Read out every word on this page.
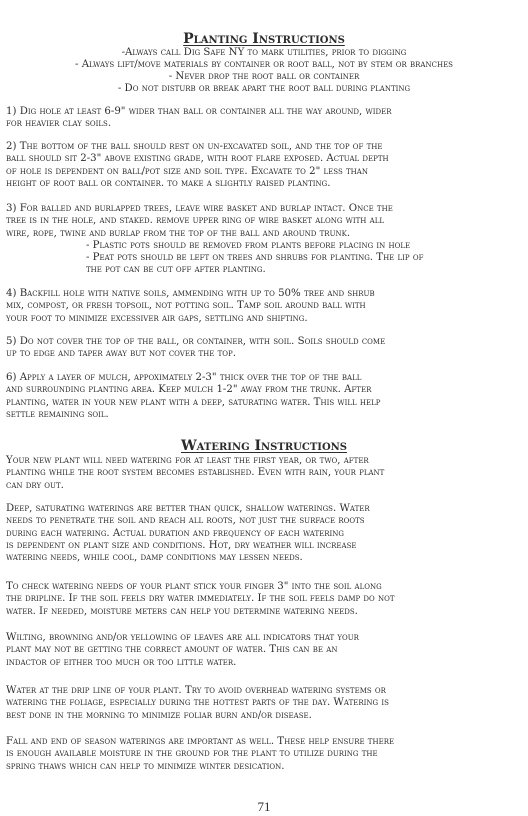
Planting Instructions
-Always call Dig Safe NY to mark utilities, prior to digging
- Always lift/move materials by container or root ball, not by stem or branches
- Never drop the root ball or container
- Do not disturb or break apart the root ball during planting
1) Dig hole at least 6-9" wider than ball or container all the way around, wider
for heavier clay soils.
2) The bottom of the ball should rest on un-excavated soil, and the top of the
ball should sit 2-3" above existing grade, with root flare exposed. Actual depth
of hole is dependent on ball/pot size and soil type. Excavate to 2" less than
height of root ball or container. to make a slightly raised planting.
3) For balled and burlapped trees, leave wire basket and burlap intact. Once the
tree is in the hole, and staked. remove upper ring of wire basket along with all
wire, rope, twine and burlap from the top of the ball and around trunk.
- Plastic pots should be removed from plants before placing in hole
- Peat pots should be left on trees and shrubs for planting. The lip of
the pot can be cut off after planting.
4) Backfill hole with native soils, ammending with up to 50% tree and shrub
mix, compost, or fresh topsoil, not potting soil. Tamp soil around ball with
your foot to minimize excessiver air gaps, settling and shifting.
5) Do not cover the top of the ball, or container, with soil. Soils should come
up to edge and taper away but not cover the top.
6) Apply a layer of mulch, appoximately 2-3" thick over the top of the ball
and surrounding planting area. Keep mulch 1-2" away from the trunk. After
planting, water in your new plant with a deep, saturating water. This will help
settle remaining soil.
Watering Instructions
Your new plant will need watering for at least the first year, or two, after
planting while the root system becomes established. Even with rain, your plant
can dry out.
Deep, saturating waterings are better than quick, shallow waterings. Water
needs to penetrate the soil and reach all roots, not just the surface roots
during each watering. Actual duration and frequency of each watering
is dependent on plant size and conditions. Hot, dry weather will increase
watering needs, while cool, damp conditions may lessen needs.
To check watering needs of your plant stick your finger 3" into the soil along
the dripline. If the soil feels dry water immediately. If the soil feels damp do not
water. If needed, moisture meters can help you determine watering needs.
Wilting, browning and/or yellowing of leaves are all indicators that your
plant may not be getting the correct amount of water. This can be an
indactor of either too much or too little water.
Water at the drip line of your plant. Try to avoid overhead watering systems or
watering the foliage, especially during the hottest parts of the day. Watering is
best done in the morning to minimize foliar burn and/or disease.
Fall and end of season waterings are important as well. These help ensure there
is enough available moisture in the ground for the plant to utilize during the
spring thaws which can help to minimize winter desication.
71
